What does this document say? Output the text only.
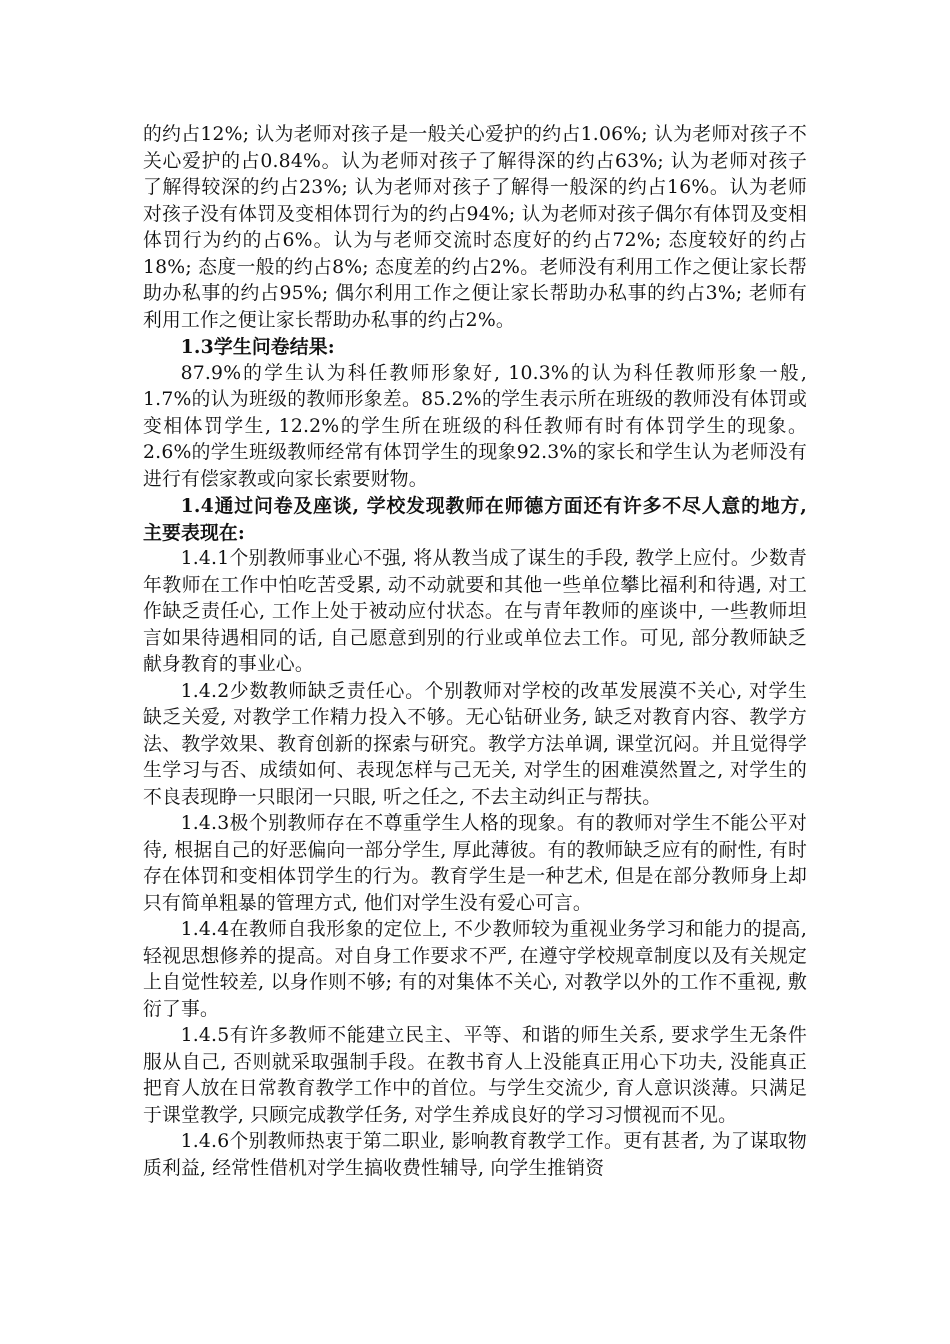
的约占12%; 认为老师对孩子是一般关心爱护的约占1.06%; 认为老师对孩子不关心爱护的占0.84%。认为老师对孩子了解得深的约占63%; 认为老师对孩子了解得较深的约占23%; 认为老师对孩子了解得一般深的约占16%。认为老师对孩子没有体罚及变相体罚行为的约占94%; 认为老师对孩子偶尔有体罚及变相体罚行为约的占6%。认为与老师交流时态度好的约占72%; 态度较好的约占18%; 态度一般的约占8%; 态度差的约占2%。老师没有利用工作之便让家长帮助办私事的约占95%; 偶尔利用工作之便让家长帮助办私事的约占3%; 老师有利用工作之便让家长帮助办私事的约占2%。

1.3学生问卷结果:

87.9%的学生认为科任教师形象好, 10.3%的认为科任教师形象一般, 1.7%的认为班级的教师形象差。85.2%的学生表示所在班级的教师没有体罚或变相体罚学生, 12.2%的学生所在班级的科任教师有时有体罚学生的现象。2.6%的学生班级教师经常有体罚学生的现象92.3%的家长和学生认为老师没有进行有偿家教或向家长索要财物。

1.4通过问卷及座谈, 学校发现教师在师德方面还有许多不尽人意的地方, 主要表现在:

1.4.1个别教师事业心不强, 将从教当成了谋生的手段, 教学上应付。少数青年教师在工作中怕吃苦受累, 动不动就要和其他一些单位攀比福利和待遇, 对工作缺乏责任心, 工作上处于被动应付状态。在与青年教师的座谈中, 一些教师坦言如果待遇相同的话, 自己愿意到别的行业或单位去工作。可见, 部分教师缺乏献身教育的事业心。

1.4.2少数教师缺乏责任心。个别教师对学校的改革发展漠不关心, 对学生缺乏关爱, 对教学工作精力投入不够。无心钻研业务, 缺乏对教育内容、教学方法、教学效果、教育创新的探索与研究。教学方法单调, 课堂沉闷。并且觉得学生学习与否、成绩如何、表现怎样与己无关, 对学生的困难漠然置之, 对学生的不良表现睁一只眼闭一只眼, 听之任之, 不去主动纠正与帮扶。

1.4.3极个别教师存在不尊重学生人格的现象。有的教师对学生不能公平对待, 根据自己的好恶偏向一部分学生, 厚此薄彼。有的教师缺乏应有的耐性, 有时存在体罚和变相体罚学生的行为。教育学生是一种艺术, 但是在部分教师身上却只有简单粗暴的管理方式, 他们对学生没有爱心可言。

1.4.4在教师自我形象的定位上, 不少教师较为重视业务学习和能力的提高, 轻视思想修养的提高。对自身工作要求不严, 在遵守学校规章制度以及有关规定上自觉性较差, 以身作则不够; 有的对集体不关心, 对教学以外的工作不重视, 敷衍了事。

1.4.5有许多教师不能建立民主、平等、和谐的师生关系, 要求学生无条件服从自己, 否则就采取强制手段。在教书育人上没能真正用心下功夫, 没能真正把育人放在日常教育教学工作中的首位。与学生交流少, 育人意识淡薄。只满足于课堂教学, 只顾完成教学任务, 对学生养成良好的学习习惯视而不见。

1.4.6个别教师热衷于第二职业, 影响教育教学工作。更有甚者, 为了谋取物质利益, 经常性借机对学生搞收费性辅导, 向学生推销资
